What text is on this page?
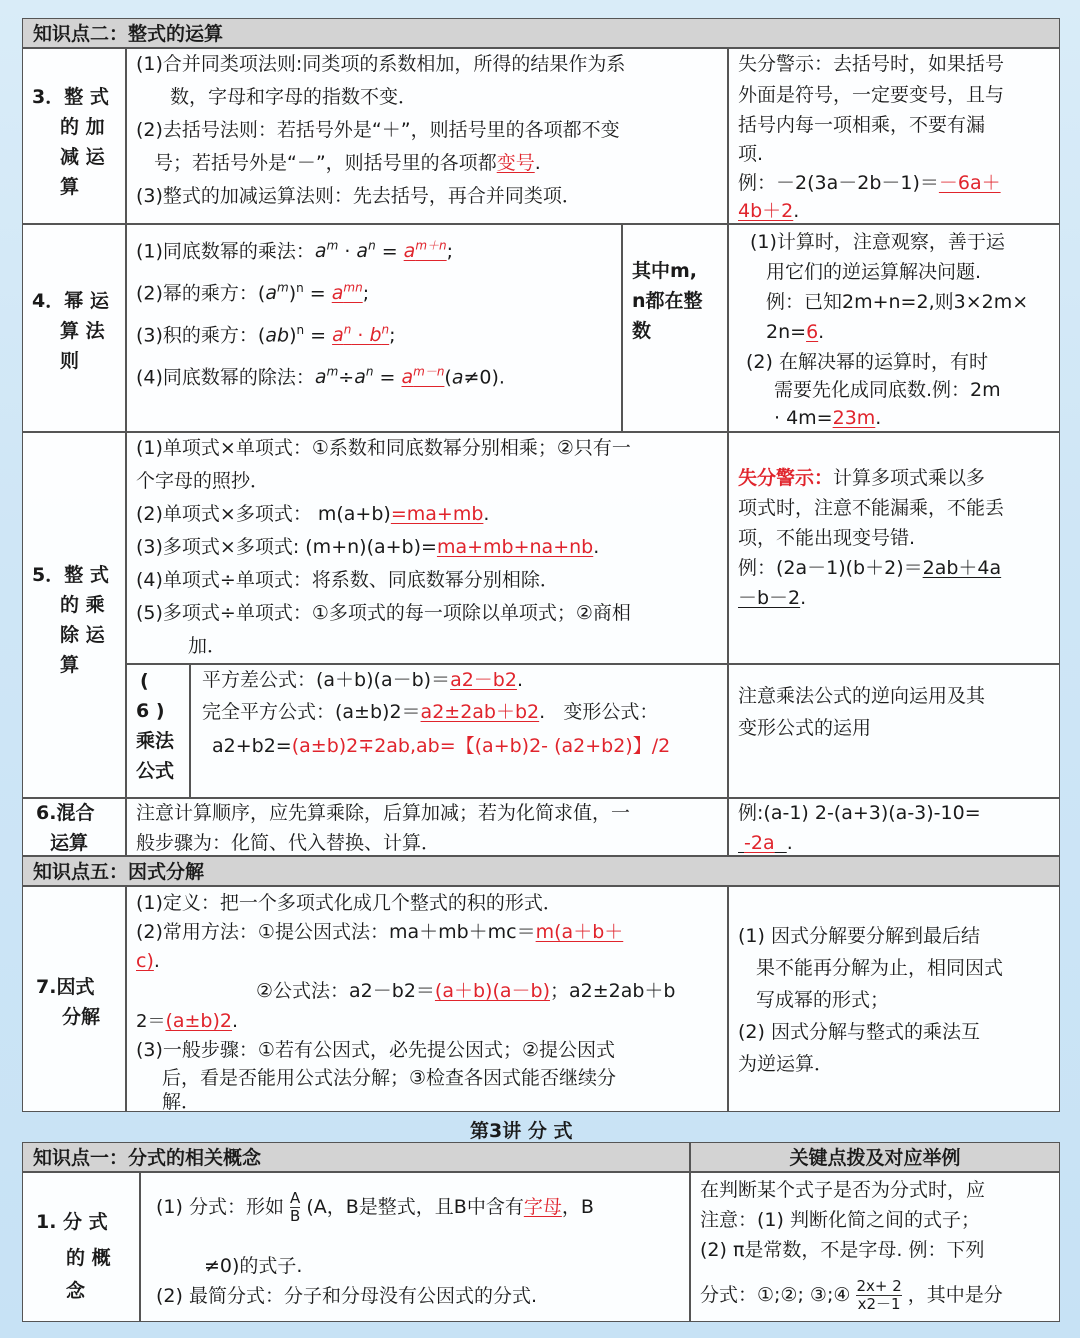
知识点二：整式的运算
3．整 式
的 加
减 运
算
(1)合并同类项法则:同类项的系数相加，所得的结果作为系
数，字母和字母的指数不变．
(2)去括号法则：若括号外是“＋”，则括号里的各项都不变
号；若括号外是“－”，则括号里的各项都变号.
(3)整式的加减运算法则：先去括号，再合并同类项．
失分警示：去括号时，如果括号
外面是符号，一定要变号，且与
括号内每一项相乘，不要有漏
项.
例：－2(3a－2b－1)＝－6a＋
4b＋2.
4．幂 运
算 法
则
(1)同底数幂的乘法：$a^m \cdot a^n = a^{m+n}$;
(2)幂的乘方：$(a^m)^n = a^{mn}$;
(3)积的乘方：$(ab)^n = a^n \cdot b^n$;
(4)同底数幂的除法：$a^m\div a^n = a^{m-n}(a\ne 0)$.
其中m,
n都在整
数
(1)计算时，注意观察，善于运
用它们的逆运算解决问题.
例：已知2m+n=2,则3×2m×
2n=6.
(2) 在解决幂的运算时，有时
需要先化成同底数.例：2m
· 4m=23m.
5．整 式
的 乘
除 运
算
(1)单项式×单项式：①系数和同底数幂分别相乘；②只有一
个字母的照抄．
(2)单项式×多项式： m(a+b)=ma+mb.
(3)多项式×多项式: (m+n)(a+b)=ma+mb+na+nb.
(4)单项式÷单项式：将系数、同底数幂分别相除．
(5)多项式÷单项式：①多项式的每一项除以单项式；②商相
加．
失分警示：计算多项式乘以多
项式时，注意不能漏乘，不能丢
项，不能出现变号错.
例：(2a－1)(b＋2)＝2ab＋4a
－b－2.
(
6 )
乘法
公式
平方差公式：(a＋b)(a－b)＝a2－b2.
完全平方公式：(a±b)2＝a2±2ab＋b2.   变形公式：
a2+b2=(a±b)2∓2ab,ab=【(a+b)2- (a2+b2)】/2
注意乘法公式的逆向运用及其
变形公式的运用
6.混合
运算
注意计算顺序，应先算乘除，后算加减；若为化简求值，一
般步骤为：化简、代入替换、计算．
例:(a-1) 2-(a+3)(a-3)-10=
-2a .
知识点五：因式分解
7.因式
分解
(1)定义：把一个多项式化成几个整式的积的形式．
(2)常用方法：①提公因式法：ma＋mb＋mc＝m(a＋b＋
c).
②公式法：a2－b2＝(a＋b)(a－b)；a2±2ab＋b
2＝(a±b)2.
(3)一般步骤：①若有公因式，必先提公因式；②提公因式
后，看是否能用公式法分解；③检查各因式能否继续分
解．
(1) 因式分解要分解到最后结
果不能再分解为止，相同因式
写成幂的形式；
(2) 因式分解与整式的乘法互
为逆运算．
第3讲 分 式
知识点一：分式的相关概念	关键点拨及对应举例
1. 分 式
的 概
念
(1) 分式：形如 $\frac{A}{B} (A$，B是整式，且B中含有字母，B
≠0)的式子.
(2) 最简分式：分子和分母没有公因式的分式.
在判断某个式子是否为分式时，应
注意：(1) 判断化简之间的式子；
(2) π是常数，不是字母. 例：下列
分式：①;②; ③;④ $\frac{2x+ 2}{x2-1}$ ，其中是分
